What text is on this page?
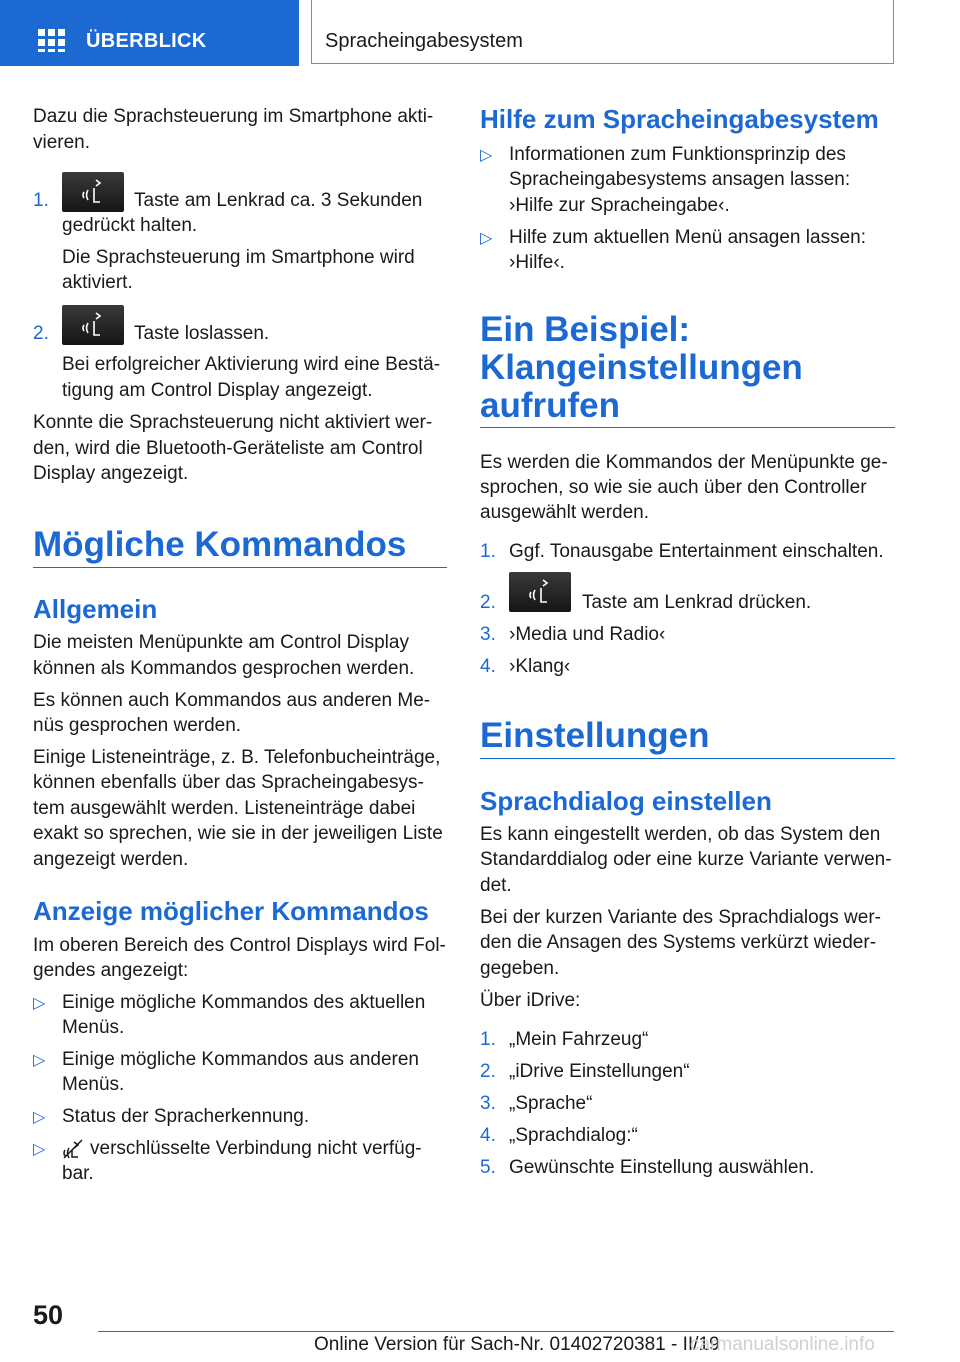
ÜBERBLICK	Spracheingabesystem
Dazu die Sprachsteuerung im Smartphone akti-
vieren.
1.	Taste am Lenkrad ca. 3 Sekunden
gedrückt halten.
Die Sprachsteuerung im Smartphone wird
aktiviert.
2.	Taste loslassen.
Bei erfolgreicher Aktivierung wird eine Bestä-
tigung am Control Display angezeigt.
Konnte die Sprachsteuerung nicht aktiviert wer-
den, wird die Bluetooth-Geräteliste am Control
Display angezeigt.
Mögliche Kommandos
Allgemein
Die meisten Menüpunkte am Control Display
können als Kommandos gesprochen werden.
Es können auch Kommandos aus anderen Me-
nüs gesprochen werden.
Einige Listeneinträge, z. B. Telefonbucheinträge,
können ebenfalls über das Spracheingabesys-
tem ausgewählt werden. Listeneinträge dabei
exakt so sprechen, wie sie in der jeweiligen Liste
angezeigt werden.
Anzeige möglicher Kommandos
Im oberen Bereich des Control Displays wird Fol-
gendes angezeigt:
▷ Einige mögliche Kommandos des aktuellen
Menüs.
▷ Einige mögliche Kommandos aus anderen
Menüs.
▷ Status der Spracherkennung.
▷ verschlüsselte Verbindung nicht verfüg-
bar.
Hilfe zum Spracheingabesystem
▷ Informationen zum Funktionsprinzip des
Spracheingabesystems ansagen lassen:
›Hilfe zur Spracheingabe‹.
▷ Hilfe zum aktuellen Menü ansagen lassen:
›Hilfe‹.
Ein Beispiel:
Klangeinstellungen
aufrufen
Es werden die Kommandos der Menüpunkte ge-
sprochen, so wie sie auch über den Controller
ausgewählt werden.
1. Ggf. Tonausgabe Entertainment einschalten.
2.	Taste am Lenkrad drücken.
3. ›Media und Radio‹
4. ›Klang‹
Einstellungen
Sprachdialog einstellen
Es kann eingestellt werden, ob das System den
Standarddialog oder eine kurze Variante verwen-
det.
Bei der kurzen Variante des Sprachdialogs wer-
den die Ansagen des Systems verkürzt wieder-
gegeben.
Über iDrive:
1. „Mein Fahrzeug“
2. „iDrive Einstellungen“
3. „Sprache“
4. „Sprachdialog:“
5. Gewünschte Einstellung auswählen.
50
Online Version für Sach-Nr. 01402720381 - II/19
carmanualsonline.info
